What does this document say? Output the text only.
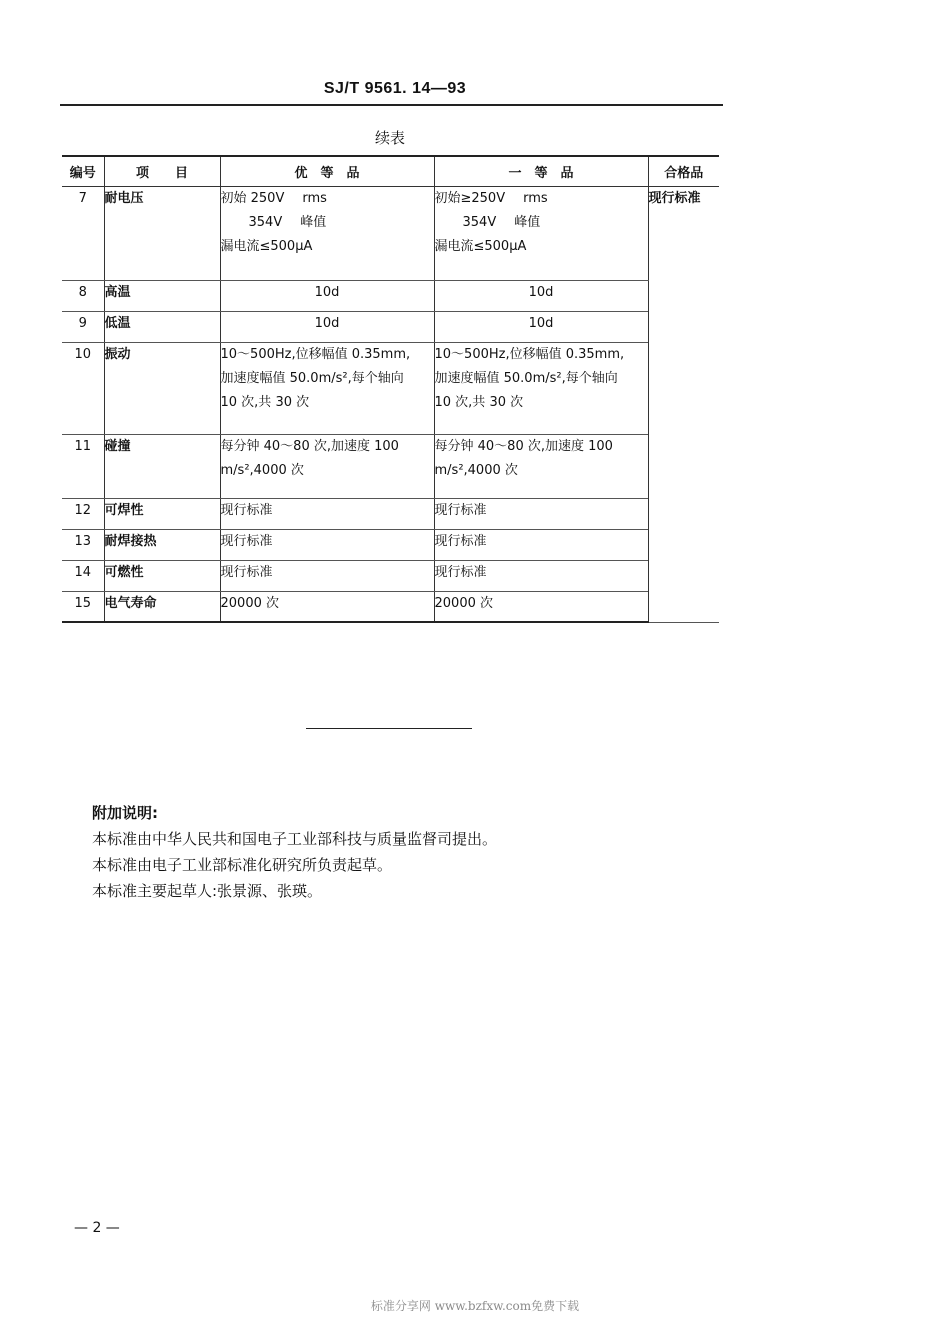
SJ/T 9561. 14—93
续表
编号	项　　目	优　等　品	一　等　品	合格品
7	耐电压	初始 250V rms
354V 峰值
漏电流≤500μA	初始≥250V rms
354V 峰值
漏电流≤500μA	现行标准
8	高温	10d	10d	
9	低温	10d	10d	
10	振动	10～500Hz,位移幅值 0.35mm,
加速度幅值 50.0m/s²,每个轴向
10 次,共 30 次	10～500Hz,位移幅值 0.35mm,
加速度幅值 50.0m/s²,每个轴向
10 次,共 30 次	

11	碰撞	每分钟 40～80 次,加速度 100
m/s²,4000 次	每分钟 40～80 次,加速度 100
m/s²,4000 次	

12	可焊性	现行标准	现行标准	
13	耐焊接热	现行标准	现行标准	
14	可燃性	现行标准	现行标准	
15	电气寿命	20000 次	20000 次	
附加说明:
本标准由中华人民共和国电子工业部科技与质量监督司提出。
本标准由电子工业部标准化研究所负责起草。
本标准主要起草人:张景源、张瑛。
— 2 —
标准分享网 www.bzfxw.com免费下载
